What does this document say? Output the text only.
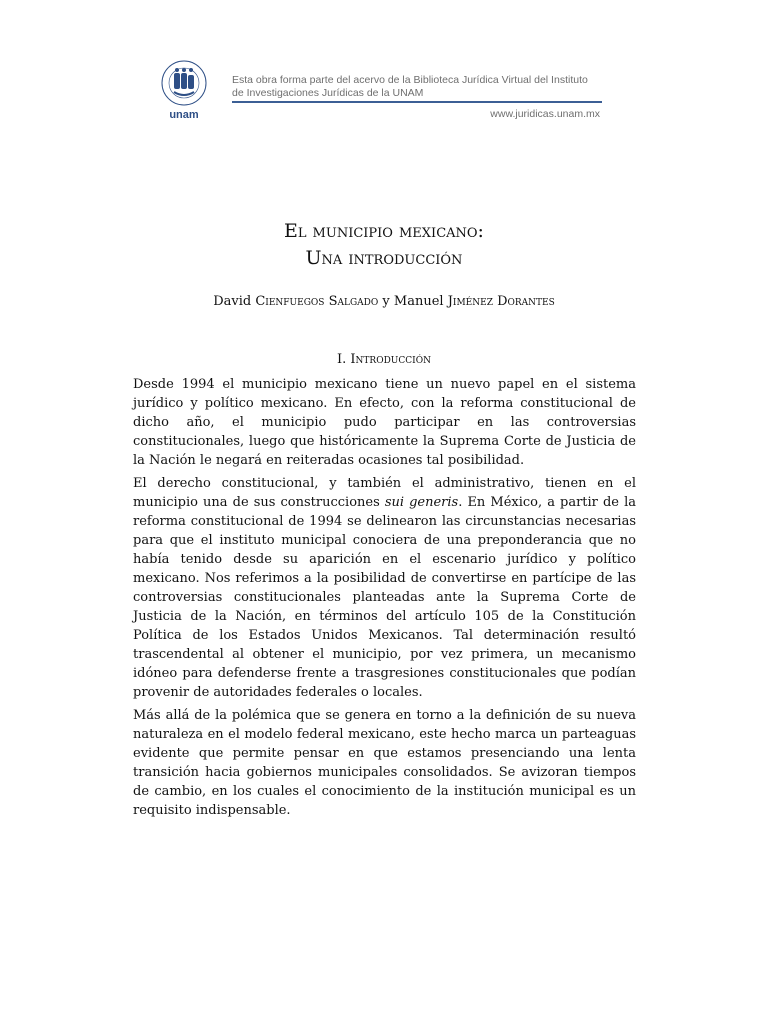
unam
Esta obra forma parte del acervo de la Biblioteca Jurídica Virtual del Instituto
de Investigaciones Jurídicas de la UNAM
www.juridicas.unam.mx
El municipio mexicano:
Una introducción
David Cienfuegos Salgado y Manuel Jiménez Dorantes
I. Introducción

Desde 1994 el municipio mexicano tiene un nuevo papel en el sistema jurídico y político mexicano. En efecto, con la reforma constitucional de dicho año, el municipio pudo participar en las controversias constitucionales, luego que históricamente la Suprema Corte de Justicia de la Nación le negará en reiteradas ocasiones tal posibilidad.

El derecho constitucional, y también el administrativo, tienen en el municipio una de sus construcciones sui generis. En México, a partir de la reforma constitucional de 1994 se delinearon las circunstancias necesarias para que el instituto municipal conociera de una preponderancia que no había tenido desde su aparición en el escenario jurídico y político mexicano. Nos referimos a la posibilidad de convertirse en partícipe de las controversias constitucionales planteadas ante la Suprema Corte de Justicia de la Nación, en términos del artículo 105 de la Constitución Política de los Estados Unidos Mexicanos. Tal determinación resultó trascendental al obtener el municipio, por vez primera, un mecanismo idóneo para defenderse frente a trasgresiones constitucionales que podían provenir de autoridades federales o locales.

Más allá de la polémica que se genera en torno a la definición de su nueva naturaleza en el modelo federal mexicano, este hecho marca un parteaguas evidente que permite pensar en que estamos presenciando una lenta transición hacia gobiernos municipales consolidados. Se avizoran tiempos de cambio, en los cuales el conocimiento de la institución municipal es un requisito indispensable.
